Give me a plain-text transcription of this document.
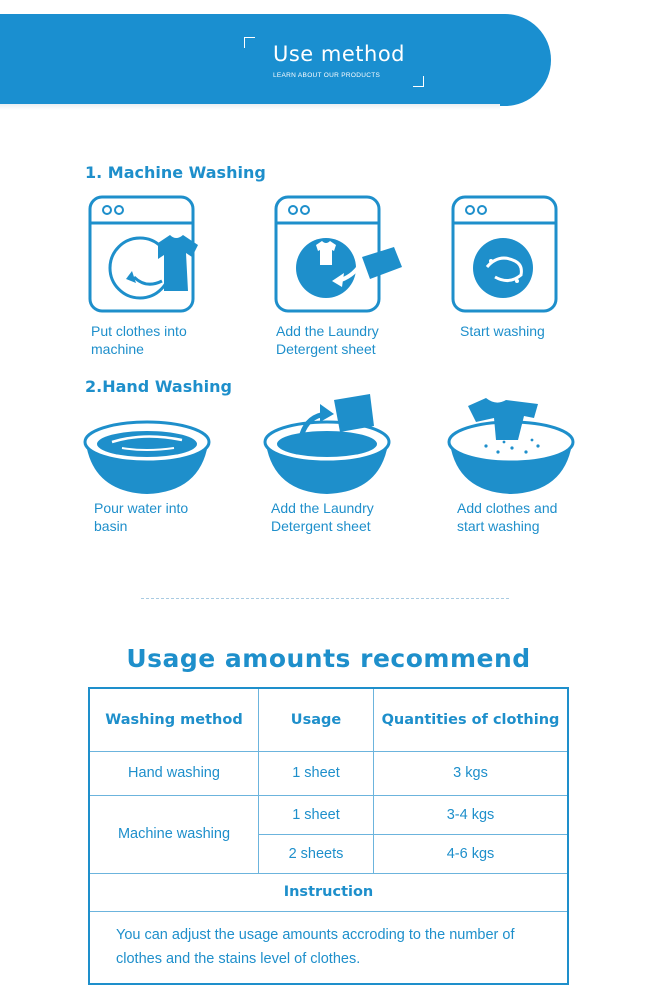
Use method
LEARN ABOUT OUR PRODUCTS
1. Machine Washing
Put clothes into
machine
Add the Laundry
Detergent sheet
Start washing
2.Hand Washing
Pour water into
basin
Add the Laundry
Detergent sheet
Add clothes and
start washing
Usage amounts recommend
Washing method	Usage	Quantities of clothing
Hand washing	1 sheet	3 kgs
Machine washing	1 sheet	3-4 kgs
	2 sheets	4-6 kgs
Instruction		
You can adjust the usage amounts accroding to the number of clothes and the stains level of clothes.		
